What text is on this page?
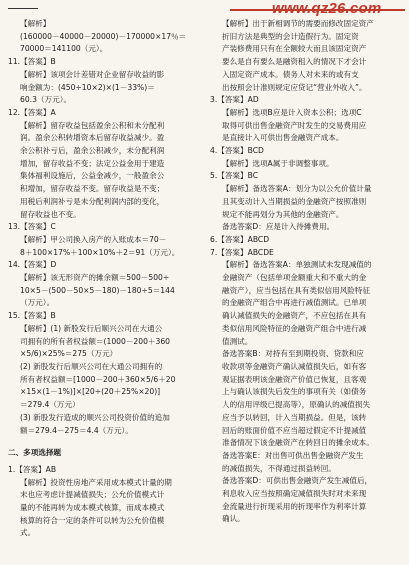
www.qz26.com
【解析】
(160000－40000－20000)－170000×17％＝
70000＝141100（元）。
11.【答案】B
【解析】该项会计差错对企业留存收益的影
响金额为：(450÷10×2)×(1－33%)＝
60.3（万元）。
12.【答案】A
【解析】留存收益包括盈余公积和未分配利
润。盈余公积转增资本后留存收益减少。盈
余公积补亏后，盈余公积减少，未分配利润
增加，留存收益不变；法定公益金用于建造
集体福利设施后，公益金减少，一般盈余公
积增加，留存收益不变。留存收益是不变；
用税后利润补亏是未分配利润内部的变化，
留存收益也不变。
13.【答案】C
【解析】甲公司换入房产的入账成本＝70－
8＋100×17%＋100×10%＋2＝91（万元）。
14.【答案】D
【解析】该无形资产的摊余额＝500－500÷
10×5－(500－50×5－180)－180÷5＝144
（万元）。
15.【答案】B
【解析】(1) 新股发行后顺兴公司在大通公
司拥有的所有者权益额＝(1000－200＋360
×5/6)×25%＝275（万元）
(2) 新股发行后顺兴公司在大通公司拥有的
所有者权益额＝[1000－200＋360×5/6＋20
×15×(1－1%)]×[20÷(20＋25%×20)]
＝279.4（万元）
(3) 新股发行造成的顺兴公司投资价值的追加
额＝279.4－275＝4.4（万元）。
二、多项选择题
1.【答案】AB
【解析】投资性房地产采用成本模式计量的期
末也应考虑计提减值损失；公允价值模式计
量的不能再转为成本模式核算，而成本模式
核算的符合一定的条件可以转为公允价值模
式。
【解析】出于新相调节的需要而修改固定资产
折旧方法是典型的会计造假行为。固定资
产装修费用只有在全额较大而且该固定资产
要么是自有要么是融资租入的情况下才会计
入固定资产成本。债务人对未来的或有支
出按照会计准则规定应贷记“营业外收入”。
3.【答案】AD
【解析】选项B应是计入资本公积；选项C
取得可供出售金融资产时发生的交易费用应
是直接计入可供出售金融资产成本。
4.【答案】BCD
【解析】选项A属于非调整事项。
5.【答案】BC
【解析】备选答案A：划分为以公允价值计量
且其变动计入当期损益的金融资产按照准则
规定不能再划分为其他的金融资产。
备选答案D：应是计入待摊费用。
6.【答案】ABCD
7.【答案】ABCDE
【解析】备选答案A：单独测试未发现减值的
金融资产（包括单项金额重大和不重大的金
融资产），应当包括在具有类似信用风险特征
的金融资产组合中再进行减值测试。已单项
确认减值损失的金融资产，不应包括在具有
类似信用风险特征的金融资产组合中进行减
值测试。
备选答案B：对持有至到期投资、贷款和应
收款项等金融资产确认减值损失后，如有客
观证据表明该金融资产价值已恢复，且客观
上与确认该损失后发生的事项有关（如债务
人的信用评级已提高等），原确认的减值损失
应当予以转回，计入当期损益。但是，该转
回后的账面价值不应当超过假定不计提减值
准备情况下该金融资产在转回日的摊余成本。
备选答案E：对出售可供出售金融资产发生
的减值损失，不得通过损益转回。
备选答案D：可供出售金融资产发生减值后，
利息收入应当按照确定减值损失时对未来现
金流量进行折现采用的折现率作为利率计算
确认。
